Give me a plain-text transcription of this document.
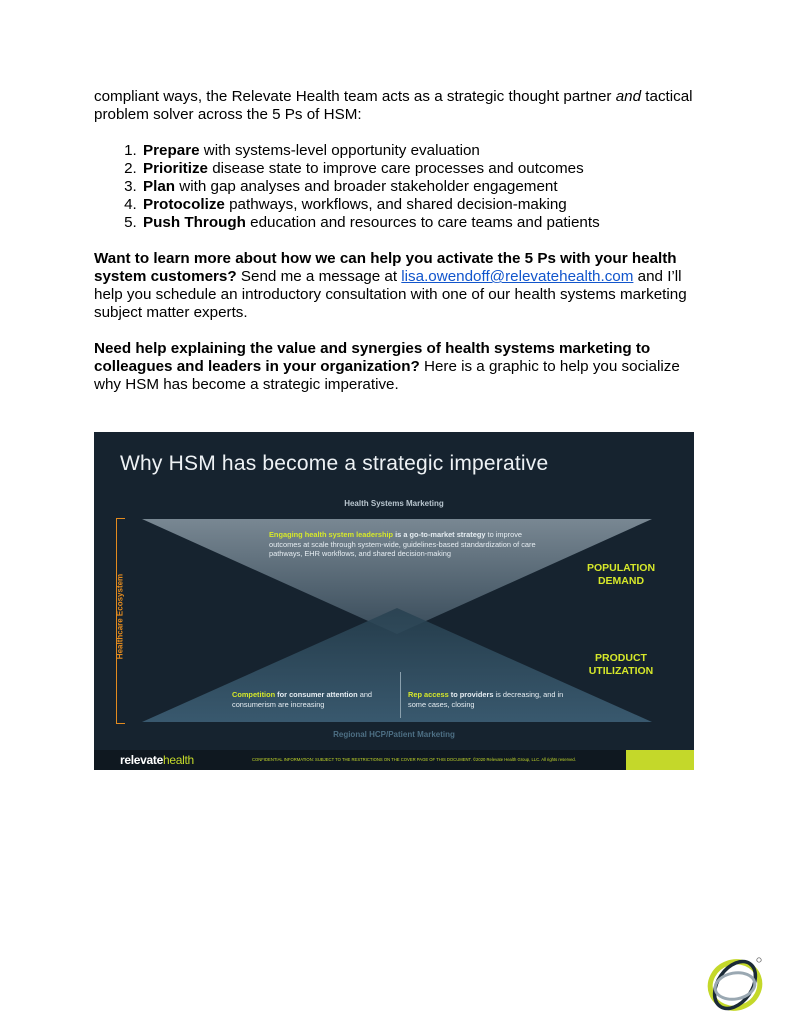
compliant ways, the Relevate Health team acts as a strategic thought partner and tactical problem solver across the 5 Ps of HSM:

1. Prepare with systems-level opportunity evaluation
2. Prioritize disease state to improve care processes and outcomes
3. Plan with gap analyses and broader stakeholder engagement
4. Protocolize pathways, workflows, and shared decision-making
5. Push Through education and resources to care teams and patients

Want to learn more about how we can help you activate the 5 Ps with your health system customers? Send me a message at lisa.owendoff@relevatehealth.com and I’ll help you schedule an introductory consultation with one of our health systems marketing subject matter experts.

Need help explaining the value and synergies of health systems marketing to colleagues and leaders in your organization? Here is a graphic to help you socialize why HSM has become a strategic imperative.

Why HSM has become a strategic imperative
Health Systems Marketing
Healthcare Ecosystem
Engaging health system leadership is a go-to-market strategy to improve outcomes at scale through system-wide, guidelines-based standardization of care pathways, EHR workflows, and shared decision-making
POPULATION DEMAND
PRODUCT UTILIZATION
Competition for consumer attention and consumerism are increasing
Rep access to providers is decreasing, and in some cases, closing
Regional HCP/Patient Marketing
relevatehealth	CONFIDENTIAL INFORMATION: SUBJECT TO THE RESTRICTIONS ON THE COVER PAGE OF THIS DOCUMENT. ©2020 Relevate Health Group, LLC. All rights reserved.
